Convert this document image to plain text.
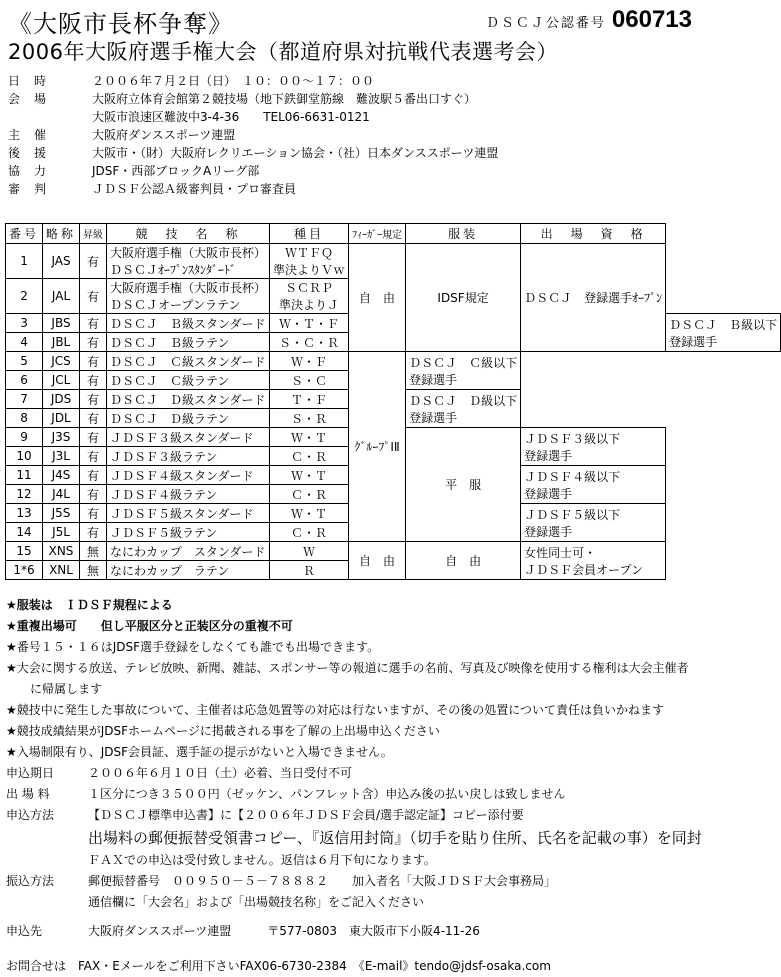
《大阪市長杯争奪》	ＤＳＣＪ公認番号 060713
2006年大阪府選手権大会（都道府県対抗戦代表選考会）
日時	２００６年７月２日（日）　１０：００～１７：００
会場	大阪府立体育会館第２競技場（地下鉄御堂筋線　難波駅５番出口すぐ）
大阪市浪速区難波中3-4-36　　TEL06-6631-0121
主催	大阪府ダンススポーツ連盟
後援	大阪市・（財）大阪府レクリエーション協会・（社）日本ダンススポーツ連盟
協力	JDSF・西部ブロックAリーグ部
審判	ＪＤＳＦ公認Ａ級審判員・プロ審査員
番号	略称	昇級	競　技　名　称	種目	ﾌｨｰｶﾞｰ規定	服装	出　場　資　格	
1	JAS	有	大阪府選手権（大阪市長杯）
ＤＳＣＪｵｰﾌﾟﾝｽﾀﾝﾀﾞｰﾄﾞ	ＷＴＦＱ
準決よりＶｗ	自　由	IDSF規定	ＤＳＣＪ　登録選手ｵｰﾌﾟﾝ	
2	JAL	有	大阪府選手権（大阪市長杯）
ＤＳＣＪオープンラテン	ＳＣＲＰ
準決よりＪ				
3	JBS	有	ＤＳＣＪ　Ｂ級スタンダード	Ｗ・Ｔ・Ｆ				ＤＳＣＪ　Ｂ級以下
登録選手
4	JBL	有	ＤＳＣＪ　Ｂ級ラテン	Ｓ・Ｃ・Ｒ				
5	JCS	有	ＤＳＣＪ　Ｃ級スタンダード	Ｗ・Ｆ	ｸﾞﾙｰﾌﾟⅠⅡ	ＤＳＣＪ　Ｃ級以下
登録選手		
6	JCL	有	ＤＳＣＪ　Ｃ級ラテン	Ｓ・Ｃ				
7	JDS	有	ＤＳＣＪ　Ｄ級スタンダード	Ｔ・Ｆ		ＤＳＣＪ　Ｄ級以下
登録選手		
8	JDL	有	ＤＳＣＪ　Ｄ級ラテン	Ｓ・Ｒ				
9	J3S	有	ＪＤＳＦ３級スタンダード	Ｗ・Ｔ		平　服	ＪＤＳＦ３級以下
登録選手	
10	J3L	有	ＪＤＳＦ３級ラテン	Ｃ・Ｒ				
11	J4S	有	ＪＤＳＦ４級スタンダード	Ｗ・Ｔ			ＪＤＳＦ４級以下
登録選手	
12	J4L	有	ＪＤＳＦ４級ラテン	Ｃ・Ｒ				
13	J5S	有	ＪＤＳＦ５級スタンダード	Ｗ・Ｔ			ＪＤＳＦ５級以下
登録選手	
14	J5L	有	ＪＤＳＦ５級ラテン	Ｃ・Ｒ				
15	XNS	無	なにわカップ　スタンダード	Ｗ	自　由	自　由	女性同士可・
ＪＤＳＦ会員オープン	
1*6	XNL	無	なにわカップ　ラテン	Ｒ				
★服装は　ＩＤＳＦ規程による
★重複出場可　　但し平服区分と正装区分の重複不可
★番号１５・１６はJDSF選手登録をしなくても誰でも出場できます。
★大会に関する放送、テレビ放映、新聞、雑誌、スポンサー等の報道に選手の名前、写真及び映像を使用する権利は大会主催者
に帰属します
★競技中に発生した事故について、主催者は応急処置等の対応は行ないますが、その後の処置について責任は負いかねます
★競技成績結果がJDSFホームページに掲載される事を了解の上出場申込ください
★入場制限有り、JDSF会員証、選手証の提示がないと入場できません。
申込期日	２００６年６月１０日（土）必着、当日受付不可
出 場 料	１区分につき３５００円（ゼッケン、パンフレット含）申込み後の払い戻しは致しません
申込方法	【ＤＳＣＪ標準申込書】に【２００６年ＪＤＳＦ会員/選手認定証】コピー添付要
出場料の郵便振替受領書コピー、『返信用封筒』（切手を貼り住所、氏名を記載の事）を同封
ＦＡＸでの申込は受付致しません。返信は６月下旬になります。
振込方法	郵便振替番号　００９５０－５－７８８８２　　加入者名「大阪ＪＤＳＦ大会事務局」
通信欄に「大会名」および「出場競技名称」をご記入ください
申込先	大阪府ダンススポーツ連盟　　　〒577-0803　東大阪市下小阪4-11-26
お問合せは　FAX・Eメールをご利用下さいFAX06-6730-2384　《E-mail》tendo@jdsf-osaka.com
